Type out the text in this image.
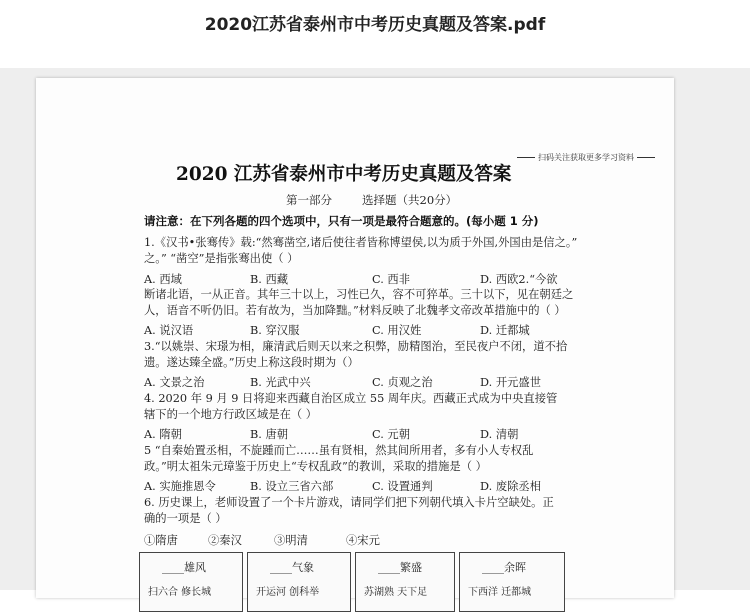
2020江苏省泰州市中考历史真题及答案.pdf
扫码关注获取更多学习资料
2020 江苏省泰州市中考历史真题及答案
第一部分	选择题（共20分）
请注意：在下列各题的四个选项中，只有一项是最符合题意的。(每小题 1 分)
1.《汉书•张骞传》载:“然骞凿空,诸后使往者皆称博望侯,以为质于外国,外国由是信之。”
之。” “凿空”是指张骞出使（ ）
A. 西域	B. 西藏	C. 西非	D. 西欧2.“今欲
断诸北语，一从正音。其年三十以上，习性已久，容不可猝革。三十以下，见在朝廷之
人，语音不听仍旧。若有故为，当加降黜。”材料反映了北魏孝文帝改革措施中的（ ）
A. 说汉语	B. 穿汉服	C. 用汉姓	D. 迁都城
3.“以姚崇、宋璟为相，廉清武后则天以来之积弊，励精图治，至民夜户不闭，道不拾
遗。遂达臻全盛。”历史上称这段时期为（）
A. 文景之治	B. 光武中兴	C. 贞观之治	D. 开元盛世
4. 2020 年 9 月 9 日将迎来西藏自治区成立 55 周年庆。西藏正式成为中央直接管
辖下的一个地方行政区域是在（ ）
A. 隋朝	B. 唐朝	C. 元朝	D. 清朝
5 “自秦始置丞相，不旋踵而亡……虽有贤相，然其间所用者，多有小人专权乱
政。”明太祖朱元璋鉴于历史上“专权乱政”的教训，采取的措施是（ ）
A. 实施推恩令	B. 设立三省六部	C. 设置通判	D. 废除丞相
6. 历史课上，老师设置了一个卡片游戏，请同学们把下列朝代填入卡片空缺处。正
确的一项是（ ）
①隋唐	②秦汉	③明清	④宋元
____雄风
扫六合 修长城
____气象
开运河 创科举
____繁盛
苏湖熟 天下足
____余晖
下西洋 迁都城
